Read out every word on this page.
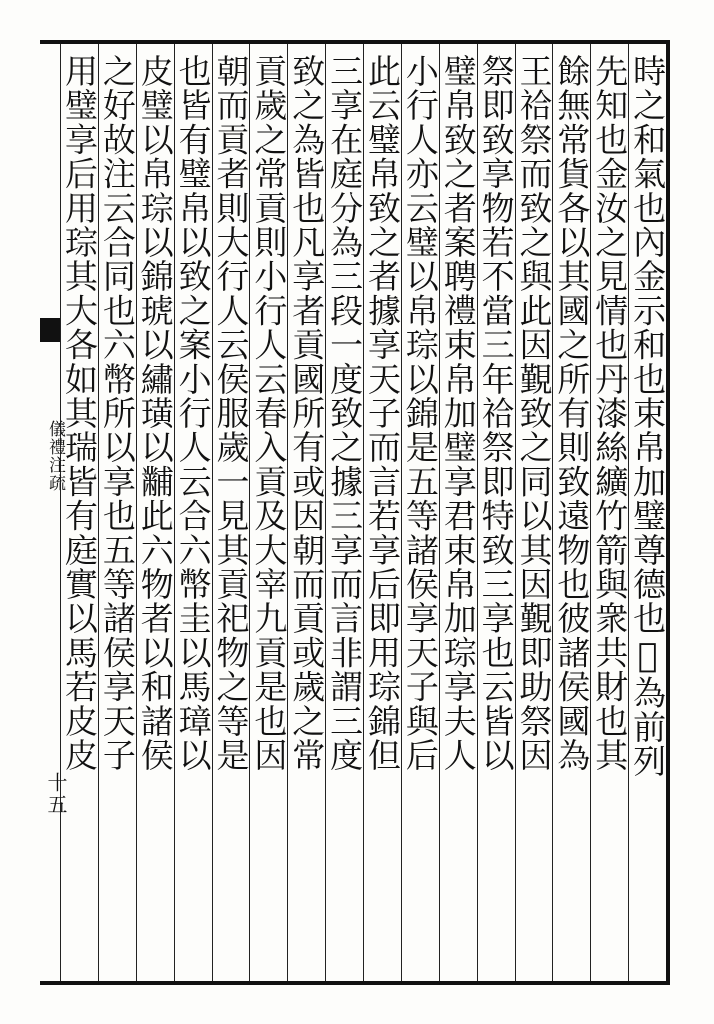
儀禮注疏
十五
時之和氣也內金示和也束帛加璧尊德也𨕖為前列
先知也金汝之見情也丹漆絲纊竹箭與衆共財也其
餘無常貨各以其國之所有則致遠物也彼諸侯國為
王祫祭而致之與此因覲致之同以其因覲即助祭因
祭即致享物若不當三年祫祭即特致三享也云皆以
璧帛致之者案聘禮束帛加璧享君束帛加琮享夫人
小行人亦云璧以帛琮以錦是五等諸侯享天子與后
此云璧帛致之者據享天子而言若享后即用琮錦但
三享在庭分為三段一度致之據三享而言非謂三度
致之為皆也凡享者貢國所有或因朝而貢或歲之常
貢歲之常貢則小行人云春入貢及大宰九貢是也因
朝而貢者則大行人云侯服歲一見其貢祀物之等是
也皆有璧帛以致之案小行人云合六幣圭以馬璋以
皮璧以帛琮以錦琥以繡璜以黼此六物者以和諸侯
之好故注云合同也六幣所以享也五等諸侯享天子
用璧享后用琮其大各如其瑞皆有庭實以馬若皮皮
